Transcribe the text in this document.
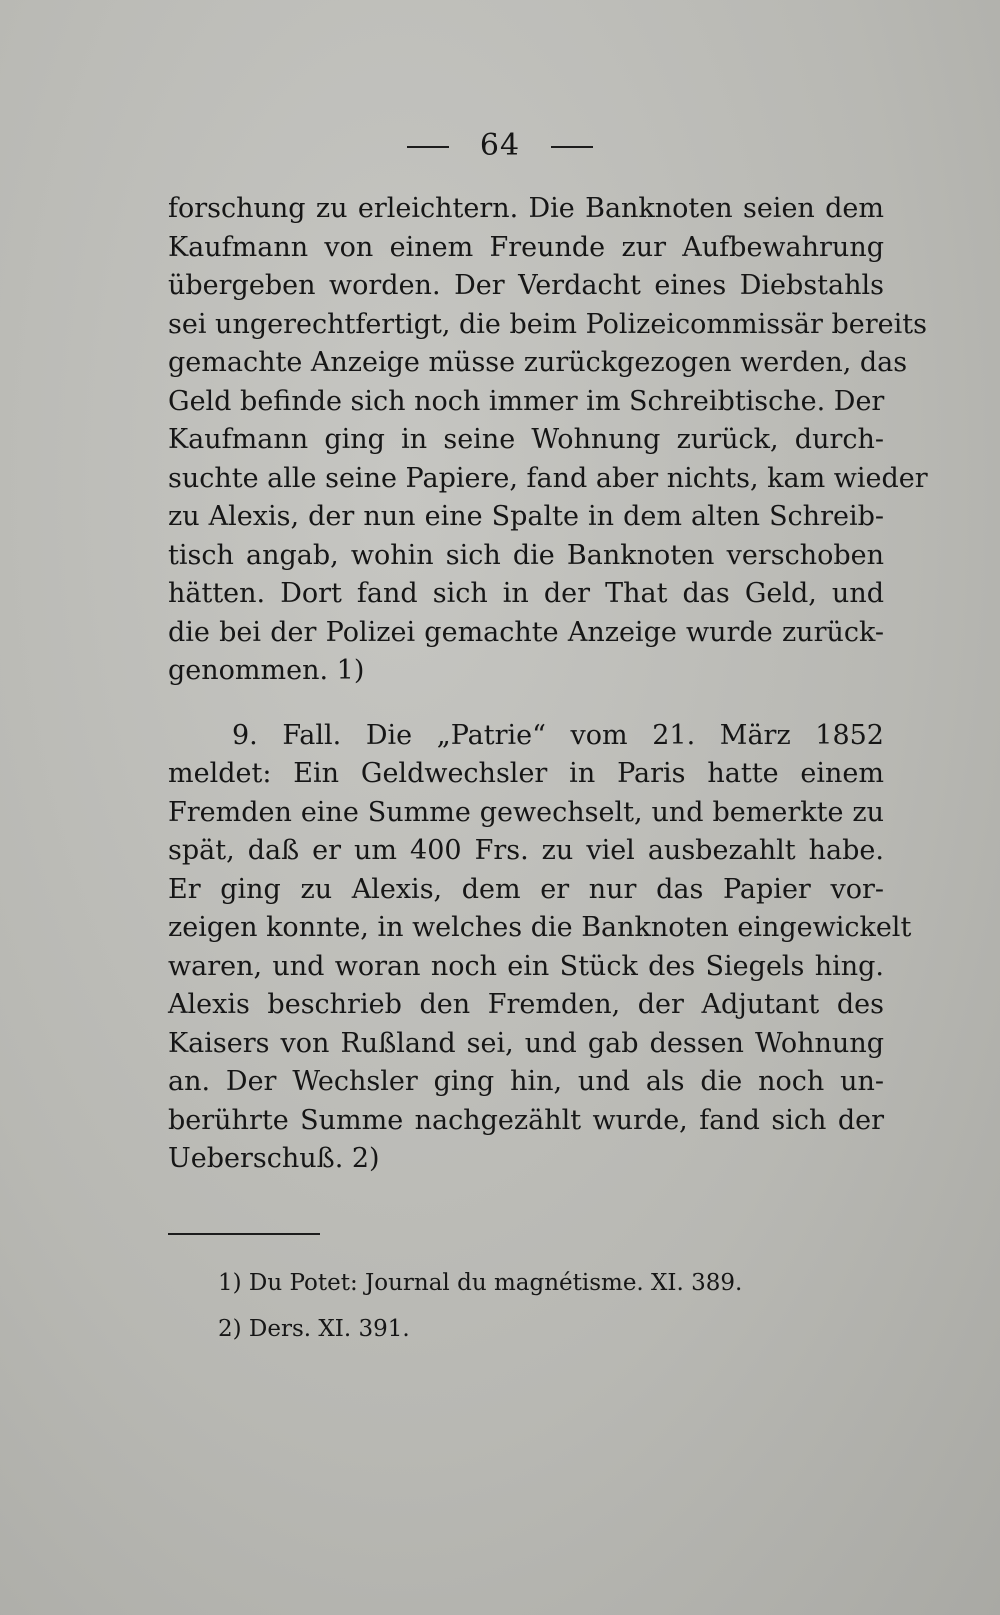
64
forschung zu erleichtern. Die Banknoten seien dem
Kaufmann von einem Freunde zur Aufbewahrung
übergeben worden. Der Verdacht eines Diebstahls
sei ungerechtfertigt, die beim Polizeicommissär bereits
gemachte Anzeige müsse zurückgezogen werden, das
Geld befinde sich noch immer im Schreibtische. Der
Kaufmann ging in seine Wohnung zurück, durch-
suchte alle seine Papiere, fand aber nichts, kam wieder
zu Alexis, der nun eine Spalte in dem alten Schreib-
tisch angab, wohin sich die Banknoten verschoben
hätten. Dort fand sich in der That das Geld, und
die bei der Polizei gemachte Anzeige wurde zurück-
genommen. 1)
9. Fall. Die „Patrie“ vom 21. März 1852
meldet: Ein Geldwechsler in Paris hatte einem
Fremden eine Summe gewechselt, und bemerkte zu
spät, daß er um 400 Frs. zu viel ausbezahlt habe.
Er ging zu Alexis, dem er nur das Papier vor-
zeigen konnte, in welches die Banknoten eingewickelt
waren, und woran noch ein Stück des Siegels hing.
Alexis beschrieb den Fremden, der Adjutant des
Kaisers von Rußland sei, und gab dessen Wohnung
an. Der Wechsler ging hin, und als die noch un-
berührte Summe nachgezählt wurde, fand sich der
Ueberschuß. 2)
1) Du Potet: Journal du magnétisme. XI. 389.
2) Ders. XI. 391.
